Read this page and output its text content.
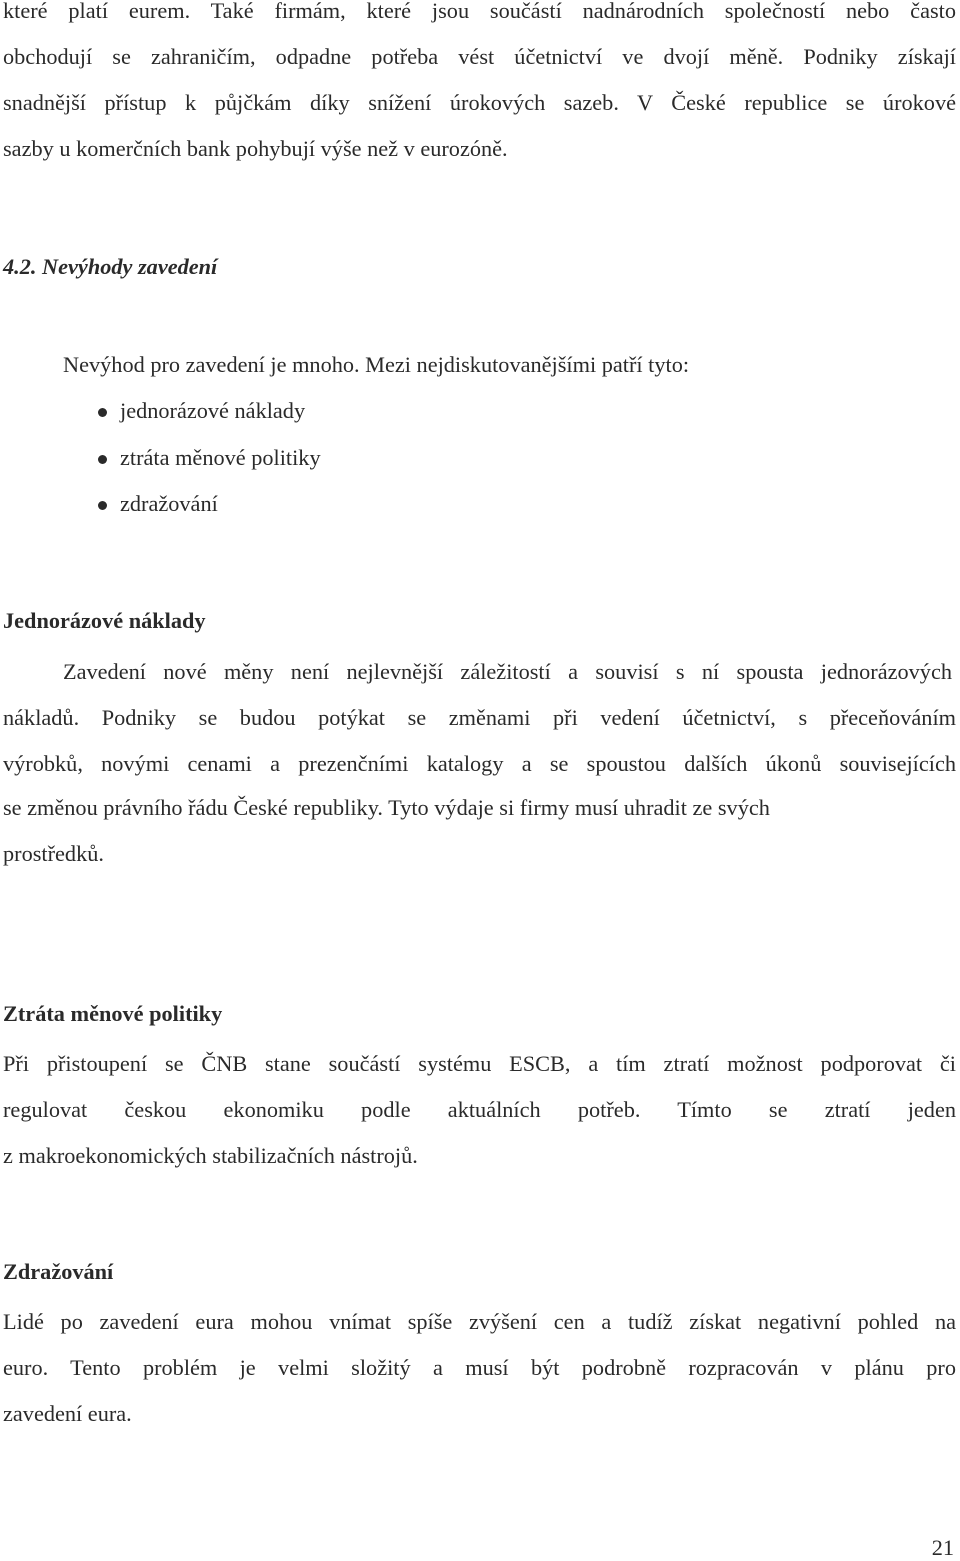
které platí eurem. Také firmám, které jsou součástí nadnárodních společností nebo často
obchodují se zahraničím, odpadne potřeba vést účetnictví ve dvojí měně. Podniky získají
snadnější přístup k půjčkám díky snížení úrokových sazeb. V České republice se úrokové
sazby u komerčních bank pohybují výše než v eurozóně.
4.2. Nevýhody zavedení
Nevýhod pro zavedení je mnoho. Mezi nejdiskutovanějšími patří tyto:
jednorázové náklady
ztráta měnové politiky
zdražování
Jednorázové náklady
Zavedení nové měny není nejlevnější záležitostí a souvisí s ní spousta jednorázových
nákladů. Podniky se budou potýkat se změnami při vedení účetnictví, s přeceňováním
výrobků, novými cenami a prezenčními katalogy a se spoustou dalších úkonů souvisejících
se změnou právního řádu České republiky. Tyto výdaje si firmy musí uhradit ze svých
prostředků.
Ztráta měnové politiky
Při přistoupení se ČNB stane součástí systému ESCB, a tím ztratí možnost podporovat či
regulovat českou ekonomiku podle aktuálních potřeb. Tímto se ztratí jeden
z makroekonomických stabilizačních nástrojů.
Zdražování
Lidé po zavedení eura mohou vnímat spíše zvýšení cen a tudíž získat negativní pohled na
euro. Tento problém je velmi složitý a musí být podrobně rozpracován v plánu pro
zavedení eura.
21
